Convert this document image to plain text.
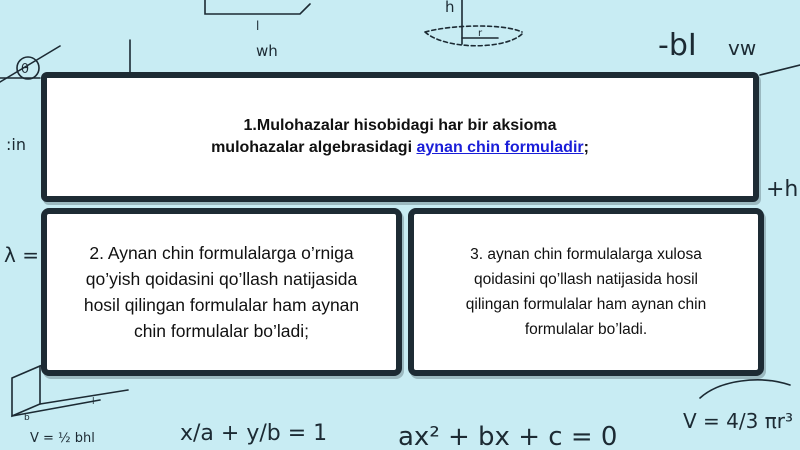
l
wh
h
r	-bI vw
θ
:in
+h
λ =
b
l
V = ½ bhl	x/a + y/b = 1	ax² + bx + c = 0
V = 4/3 πr³
1.Mulohazalar hisobidagi har bir aksioma
mulohazalar algebrasidagi aynan chin formuladir;
2. Aynan chin formulalarga o’rniga
qo’yish qoidasini qo’llash natijasida
hosil qilingan formulalar ham aynan
chin formulalar bo’ladi;
3. aynan chin formulalarga xulosa
qoidasini qo’llash natijasida hosil
qilingan formulalar ham aynan chin
formulalar bo’ladi.
